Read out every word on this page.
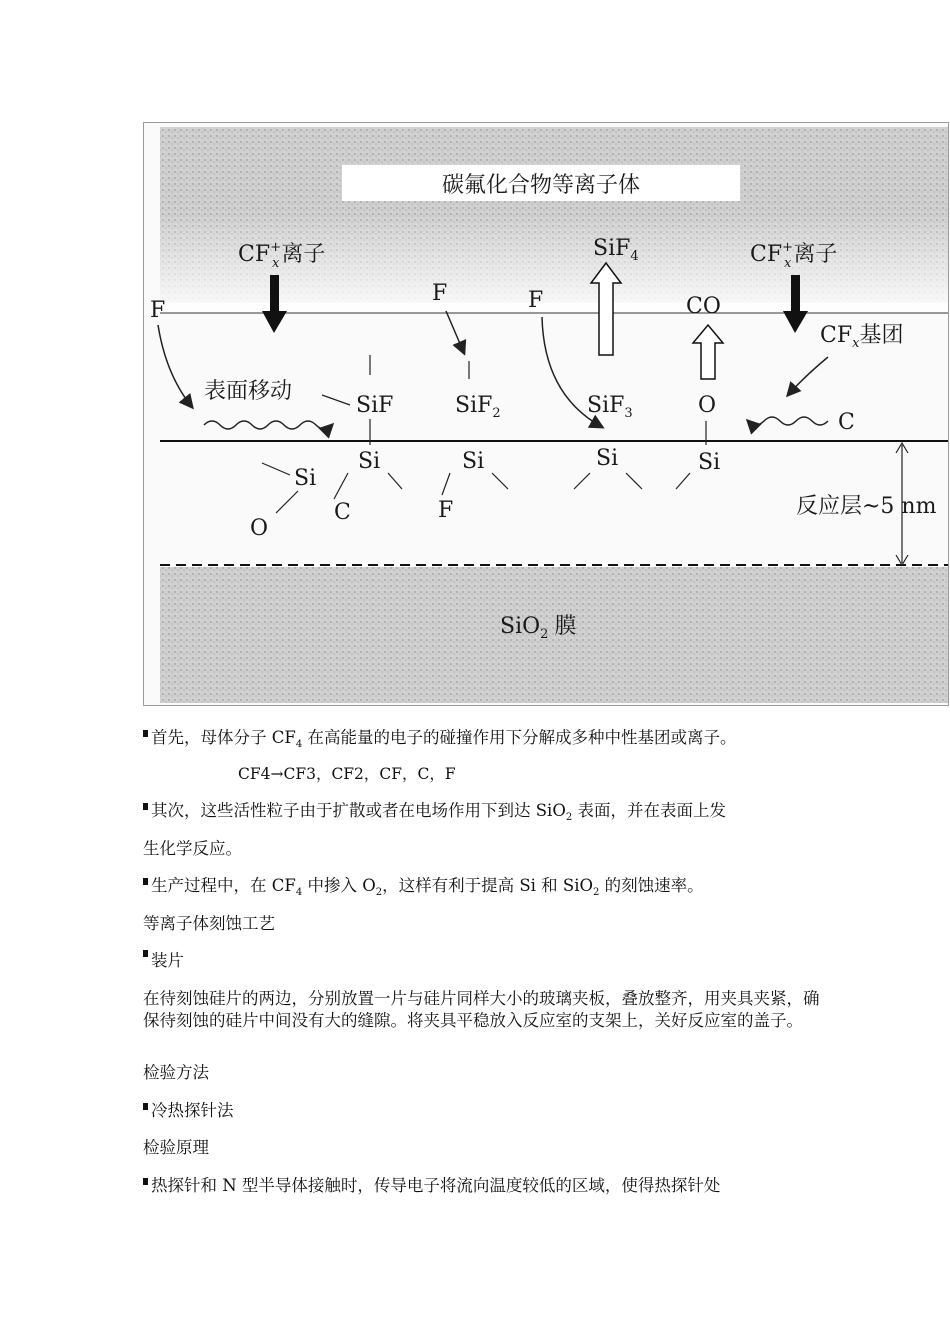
碳氟化合物等离子体
CF+ x离子	CF+ x离子
SiF$_4$
CO
$CF_x$基团
F
表面移动
SiF
F
SiF$_2$
F
SiF$_3$	O
C
Si
Si
O
C
Si
F
Si	Si
反应层~5 nm
SiO$_2$ 膜
首先，母体分子 $CF_4$ 在高能量的电子的碰撞作用下分解成多种中性基团或离子。
CF4→CF3，CF2，CF，C，F
其次，这些活性粒子由于扩散或者在电场作用下到达 SiO$_2$ 表面，并在表面上发
生化学反应。
生产过程中，在 $CF_4$ 中掺入 $O_2$，这样有利于提高 Si 和 SiO$_2$ 的刻蚀速率。
等离子体刻蚀工艺
装片
在待刻蚀硅片的两边，分别放置一片与硅片同样大小的玻璃夹板，叠放整齐，用夹具夹紧，确保待刻蚀的硅片中间没有大的缝隙。将夹具平稳放入反应室的支架上，关好反应室的盖子。
检验方法
冷热探针法
检验原理
热探针和 N 型半导体接触时，传导电子将流向温度较低的区域，使得热探针处
